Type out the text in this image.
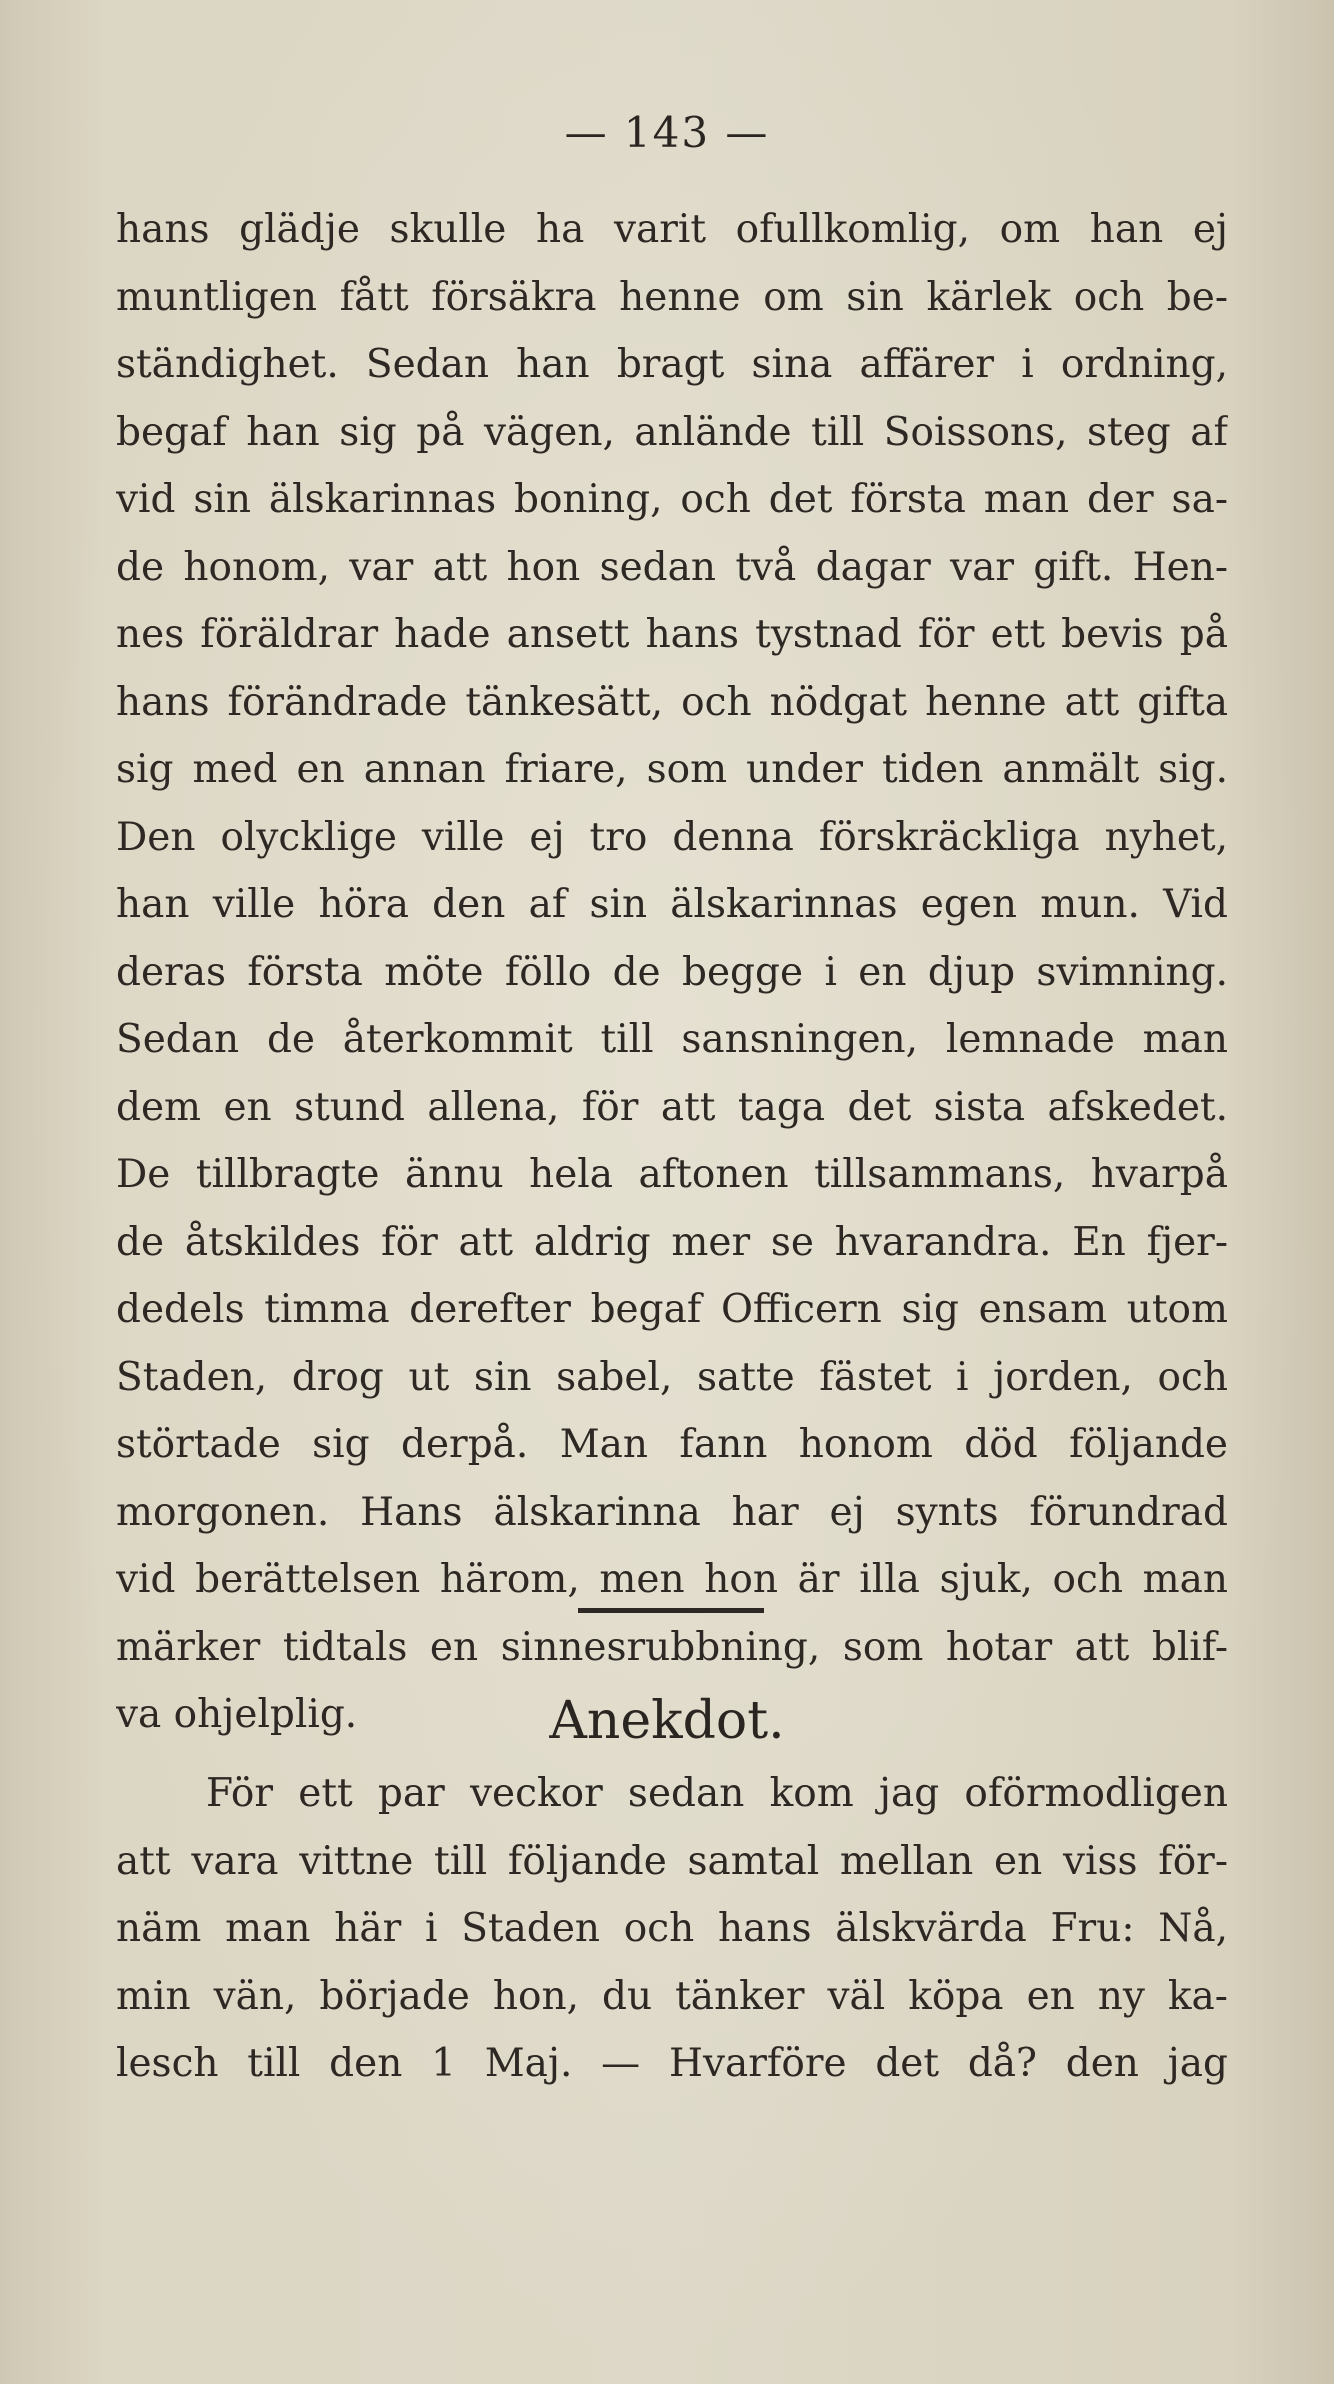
— 143 —

hans glädje skulle ha varit ofullkomlig, om han ej
muntligen fått försäkra henne om sin kärlek och be-
ständighet. Sedan han bragt sina affärer i ordning,
begaf han sig på vägen, anlände till Soissons, steg af
vid sin älskarinnas boning, och det första man der sa-
de honom, var att hon sedan två dagar var gift. Hen-
nes föräldrar hade ansett hans tystnad för ett bevis på
hans förändrade tänkesätt, och nödgat henne att gifta
sig med en annan friare, som under tiden anmält sig.
Den olycklige ville ej tro denna förskräckliga nyhet,
han ville höra den af sin älskarinnas egen mun. Vid
deras första möte föllo de begge i en djup svimning.
Sedan de återkommit till sansningen, lemnade man
dem en stund allena, för att taga det sista afskedet.
De tillbragte ännu hela aftonen tillsammans, hvarpå
de åtskildes för att aldrig mer se hvarandra. En fjer-
dedels timma derefter begaf Officern sig ensam utom
Staden, drog ut sin sabel, satte fästet i jorden, och
störtade sig derpå. Man fann honom död följande
morgonen. Hans älskarinna har ej synts förundrad
vid berättelsen härom, men hon är illa sjuk, och man
märker tidtals en sinnesrubbning, som hotar att blif-
va ohjelplig.	Anekdot.

För ett par veckor sedan kom jag oförmodligen
att vara vittne till följande samtal mellan en viss för-
näm man här i Staden och hans älskvärda Fru: Nå,
min vän, började hon, du tänker väl köpa en ny ka-
lesch till den 1 Maj. — Hvarföre det då? den jag
